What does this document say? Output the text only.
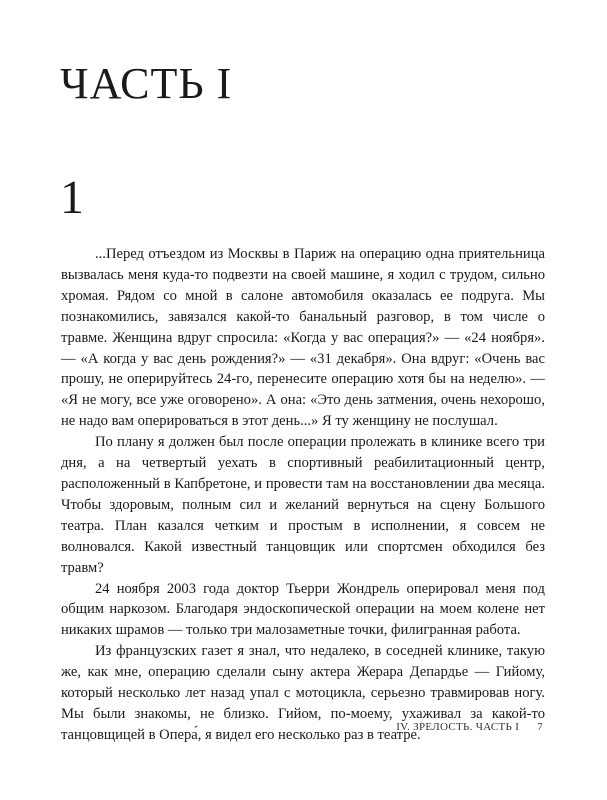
ЧАСТЬ I
1

...Перед отъездом из Москвы в Париж на операцию одна приятельница вызвалась меня куда-то подвезти на своей машине, я ходил с трудом, сильно хромая. Рядом со мной в салоне автомобиля оказалась ее подруга. Мы познакомились, завязался какой-то банальный разговор, в том числе о травме. Женщина вдруг спросила: «Когда у вас операция?» — «24 ноября». — «А когда у вас день рождения?» — «31 декабря». Она вдруг: «Очень вас прошу, не оперируйтесь 24-го, перенесите операцию хотя бы на неделю». — «Я не могу, все уже оговорено». А она: «Это день затмения, очень нехорошо, не надо вам оперироваться в этот день...» Я ту женщину не послушал.

По плану я должен был после операции пролежать в клинике всего три дня, а на четвертый уехать в спортивный реабилитационный центр, расположенный в Капбретоне, и провести там на восстановлении два месяца. Чтобы здоровым, полным сил и желаний вернуться на сцену Большого театра. План казался четким и простым в исполнении, я совсем не волновался. Какой известный танцовщик или спортсмен обходился без травм?

24 ноября 2003 года доктор Тьерри Жондрель оперировал меня под общим наркозом. Благодаря эндоскопической операции на моем колене нет никаких шрамов — только три малозаметные точки, филигранная работа.

Из французских газет я знал, что недалеко, в соседней клинике, такую же, как мне, операцию сделали сыну актера Жерара Депардье — Гийому, который несколько лет назад упал с мотоцикла, серьезно травмировав ногу. Мы были знакомы, не близко. Гийом, по-моему, ухаживал за какой-то танцовщицей в Опера́, я видел его несколько раз в театре.

IV. ЗРЕЛОСТЬ. ЧАСТЬ I 7
